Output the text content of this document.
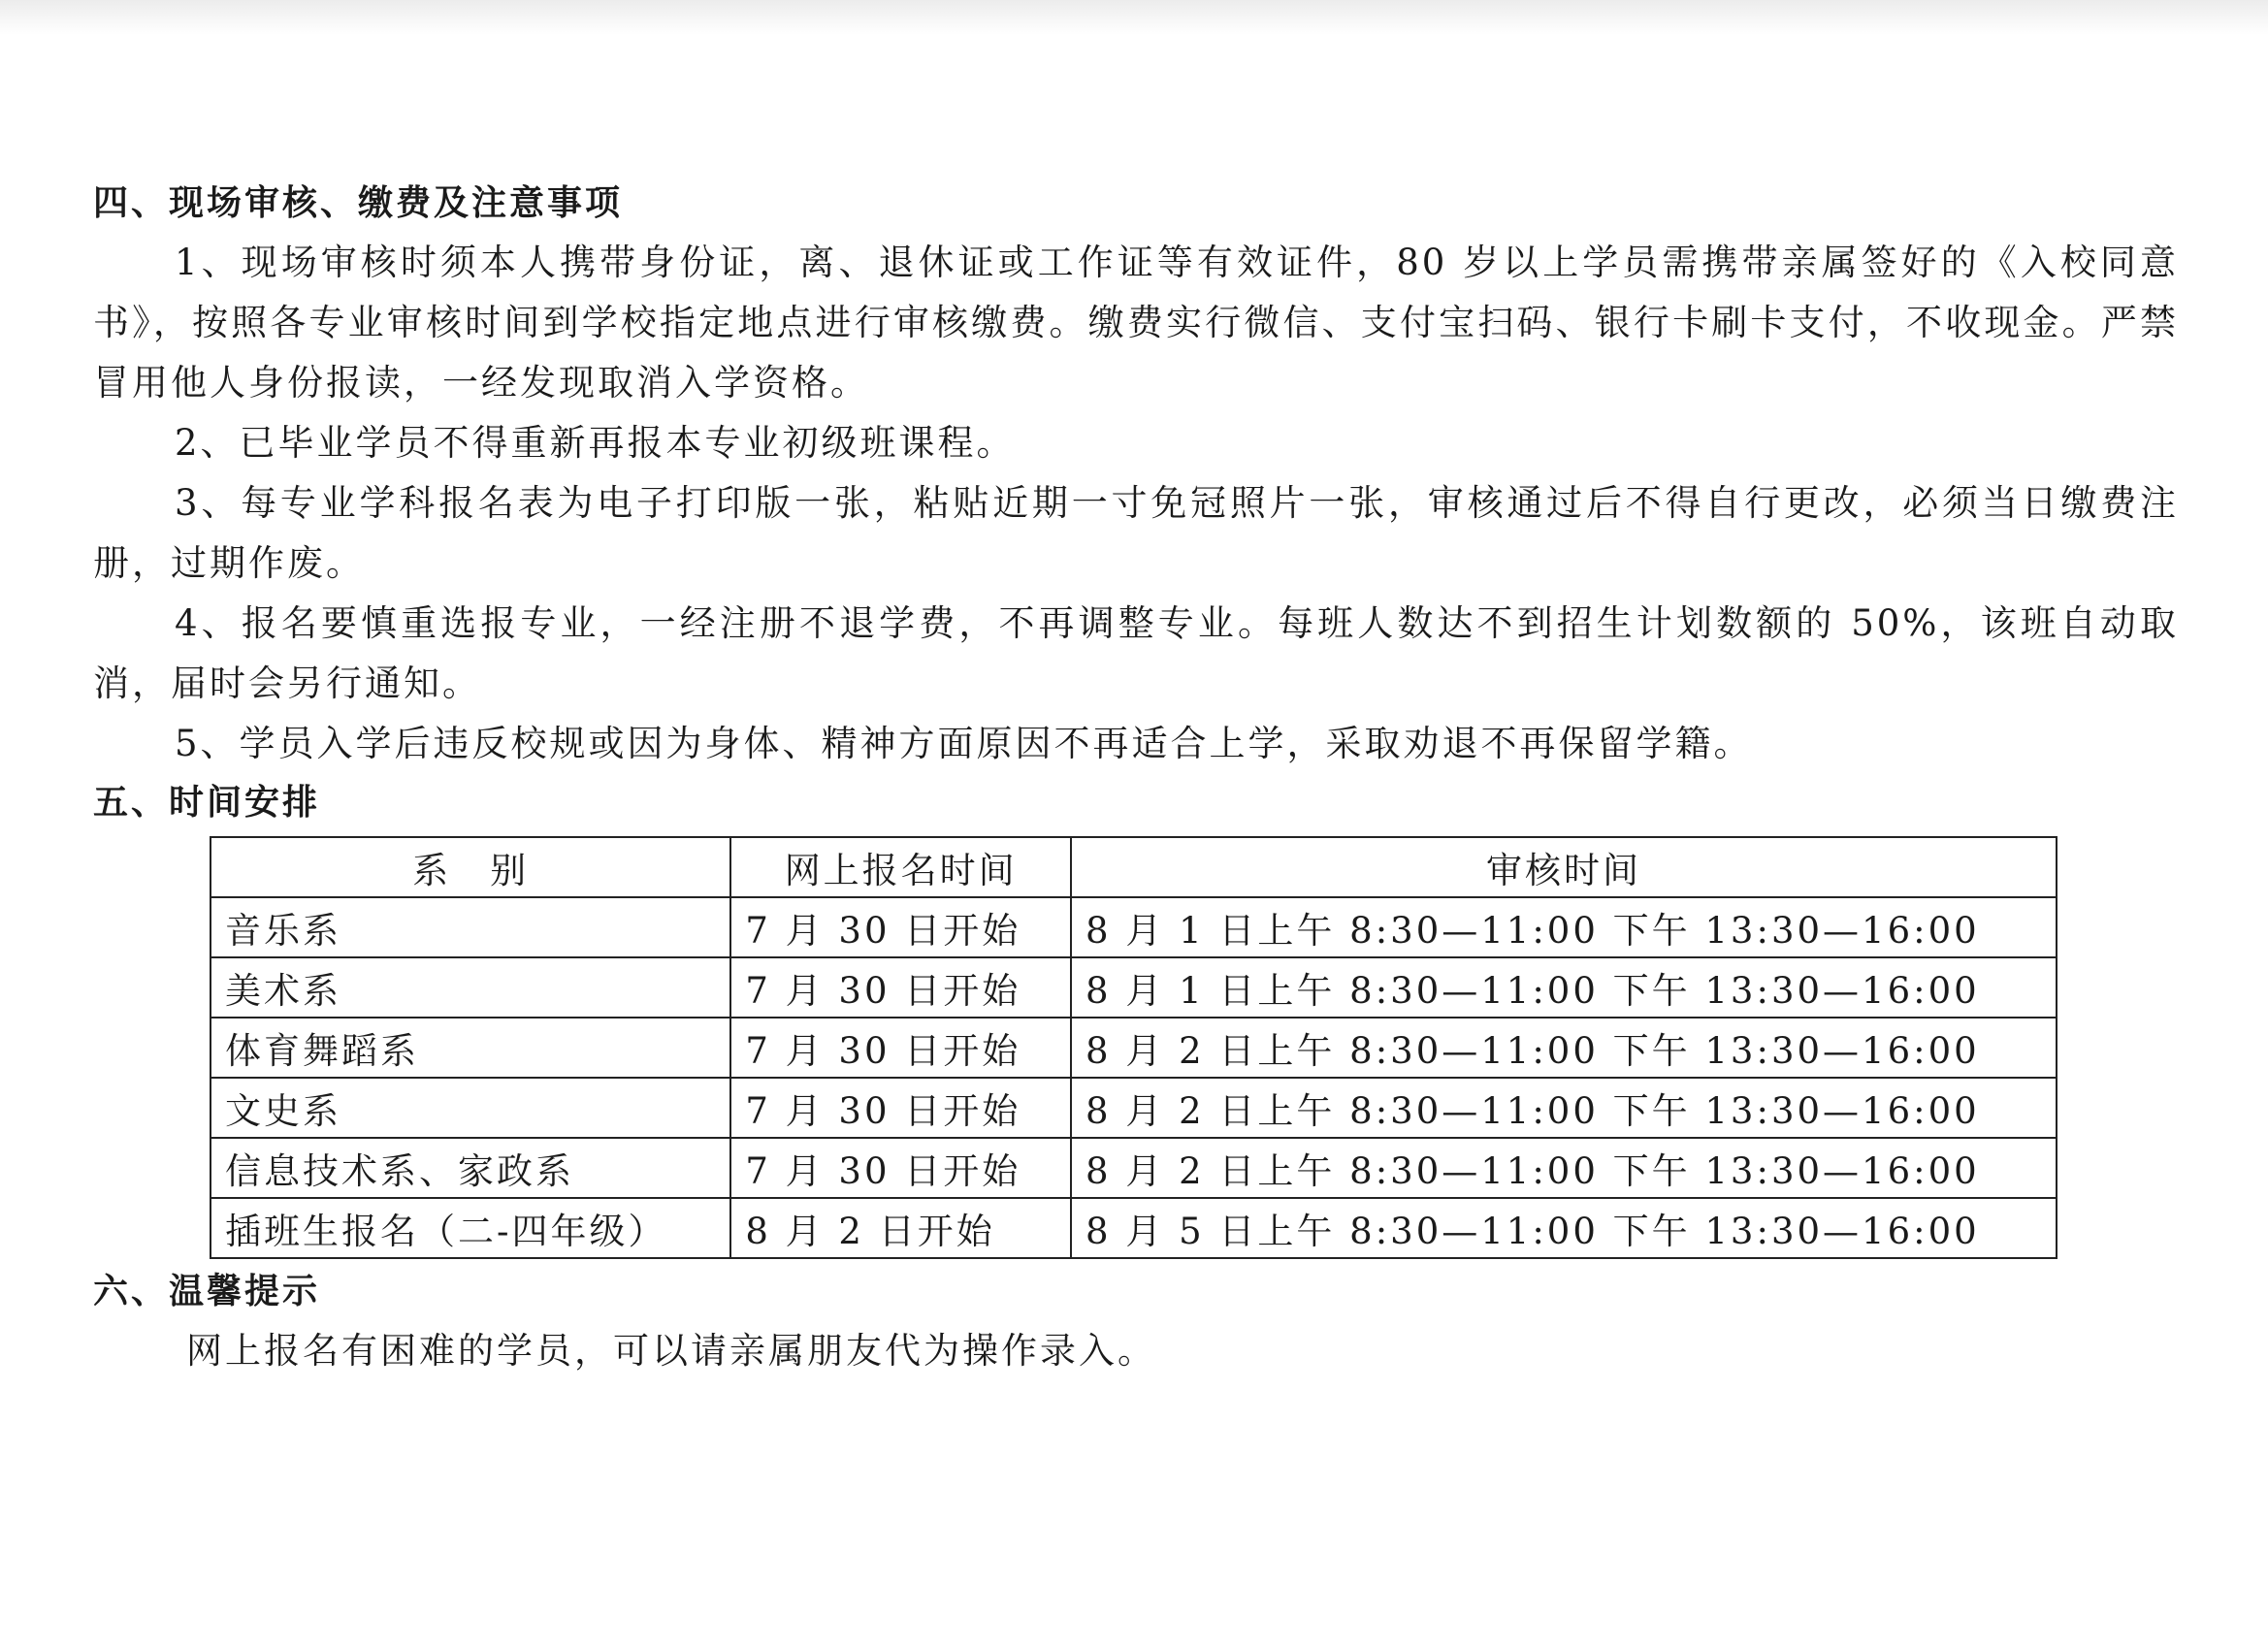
四、现场审核、缴费及注意事项

1、现场审核时须本人携带身份证，离、退休证或工作证等有效证件，80 岁以上学员需携带亲属签好的《入校同意书》，按照各专业审核时间到学校指定地点进行审核缴费。缴费实行微信、支付宝扫码、银行卡刷卡支付，不收现金。严禁冒用他人身份报读，一经发现取消入学资格。

2、已毕业学员不得重新再报本专业初级班课程。

3、每专业学科报名表为电子打印版一张，粘贴近期一寸免冠照片一张，审核通过后不得自行更改，必须当日缴费注册，过期作废。

4、报名要慎重选报专业，一经注册不退学费，不再调整专业。每班人数达不到招生计划数额的 50%，该班自动取消，届时会另行通知。

5、学员入学后违反校规或因为身体、精神方面原因不再适合上学，采取劝退不再保留学籍。

五、时间安排
系　别	网上报名时间	审核时间
音乐系	7 月 30 日开始	8 月 1 日上午 8:30—11:00 下午 13:30—16:00
美术系	7 月 30 日开始	8 月 1 日上午 8:30—11:00 下午 13:30—16:00
体育舞蹈系	7 月 30 日开始	8 月 2 日上午 8:30—11:00 下午 13:30—16:00
文史系	7 月 30 日开始	8 月 2 日上午 8:30—11:00 下午 13:30—16:00
信息技术系、家政系	7 月 30 日开始	8 月 2 日上午 8:30—11:00 下午 13:30—16:00
插班生报名（二-四年级）	8 月 2 日开始	8 月 5 日上午 8:30—11:00 下午 13:30—16:00
六、温馨提示

网上报名有困难的学员，可以请亲属朋友代为操作录入。
